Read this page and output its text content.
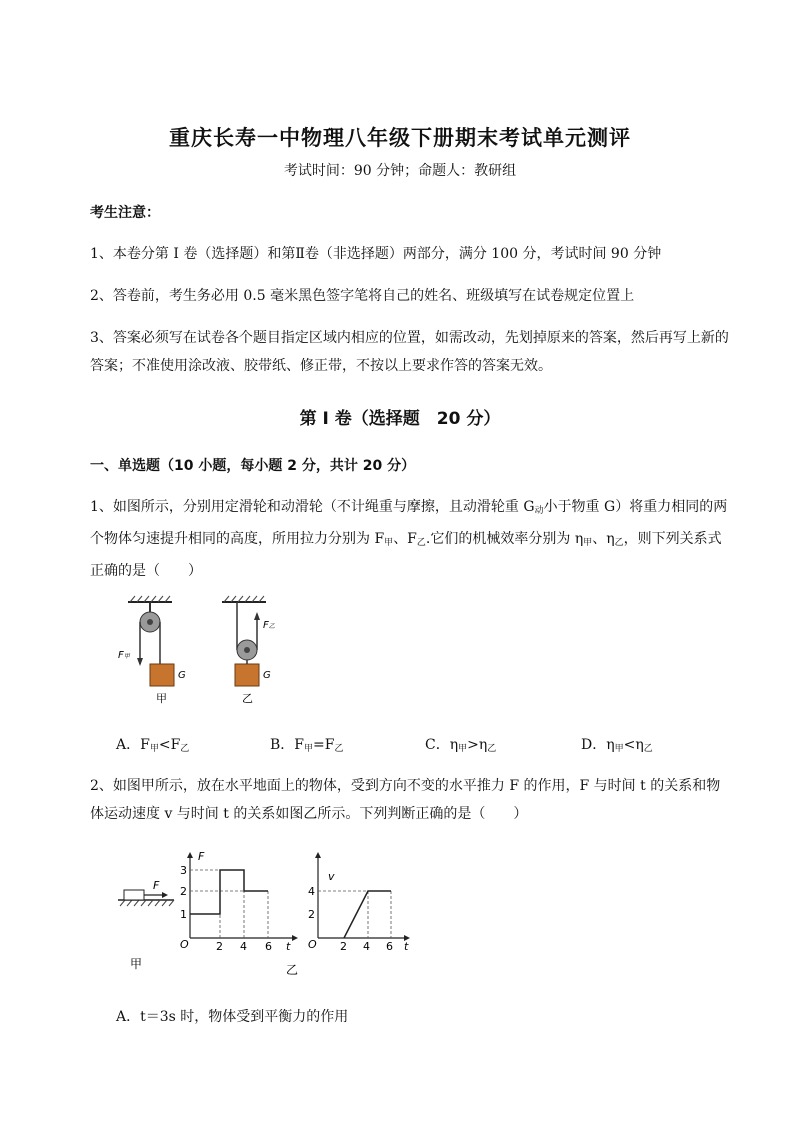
重庆长寿一中物理八年级下册期末考试单元测评
考试时间：90 分钟；命题人：教研组
考生注意：
1、本卷分第 I 卷（选择题）和第Ⅱ卷（非选择题）两部分，满分 100 分，考试时间 90 分钟
2、答卷前，考生务必用 0.5 毫米黑色签字笔将自己的姓名、班级填写在试卷规定位置上
3、答案必须写在试卷各个题目指定区域内相应的位置，如需改动，先划掉原来的答案，然后再写上新的答案；不准使用涂改液、胶带纸、修正带，不按以上要求作答的答案无效。
第 I 卷（选择题　20 分）
一、单选题（10 小题，每小题 2 分，共计 20 分）
1、如图所示，分别用定滑轮和动滑轮（不计绳重与摩擦，且动滑轮重 $G_动$小于物重 G）将重力相同的两个物体匀速提升相同的高度，所用拉力分别为 $F_甲$、$F_乙$.它们的机械效率分别为 $\eta_甲$、$\eta_乙$，则下列关系式正确的是（　　）
G
F甲
甲
G
F乙
乙
A．$F_甲<F_乙$	B．$F_甲=F_乙$	C．$\eta_甲>\eta_乙$	D．$\eta_甲<\eta_乙$
2、如图甲所示，放在水平地面上的物体，受到方向不变的水平推力 F 的作用，F 与时间 t 的关系和物体运动速度 v 与时间 t 的关系如图乙所示。下列判断正确的是（　　）
F
甲
F
t
O
1
2
3
2 4 6
乙
v
t
O
2
4
2 4 6
A．t＝3s 时，物体受到平衡力的作用
